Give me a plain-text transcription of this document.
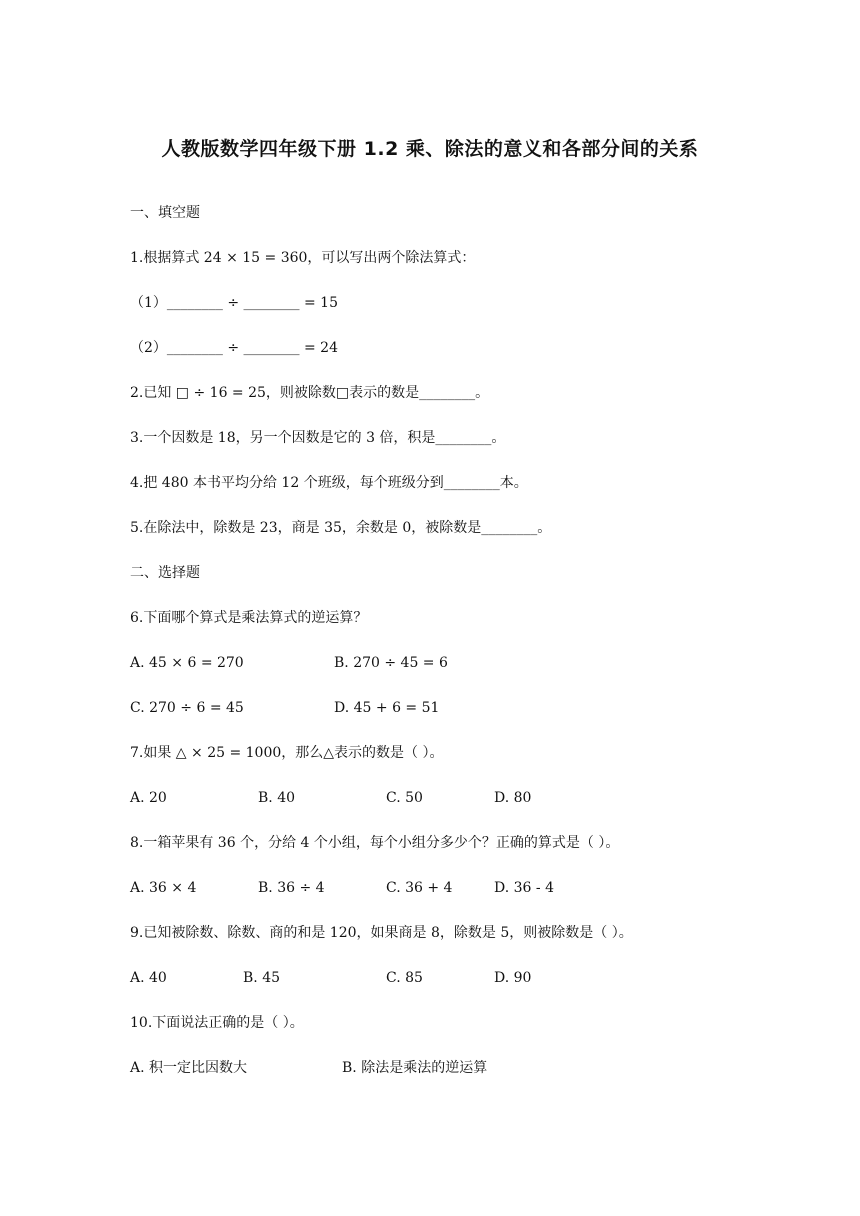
人教版数学四年级下册 1.2 乘、除法的意义和各部分间的关系
一、填空题
1.根据算式 24 × 15 = 360，可以写出两个除法算式：
（1）________ ÷ ________ = 15
（2）________ ÷ ________ = 24
2.已知 □ ÷ 16 = 25，则被除数□表示的数是________。
3.一个因数是 18，另一个因数是它的 3 倍，积是________。
4.把 480 本书平均分给 12 个班级，每个班级分到________本。
5.在除法中，除数是 23，商是 35，余数是 0，被除数是________。
二、选择题
6.下面哪个算式是乘法算式的逆运算？
A. 45 × 6 = 270	B. 270 ÷ 45 = 6
C. 270 ÷ 6 = 45	D. 45 + 6 = 51
7.如果 △ × 25 = 1000，那么△表示的数是（ ）。
A. 20	B. 40	C. 50	D. 80
8.一箱苹果有 36 个，分给 4 个小组，每个小组分多少个？正确的算式是（ ）。
A. 36 × 4	B. 36 ÷ 4	C. 36 + 4	D. 36 - 4
9.已知被除数、除数、商的和是 120，如果商是 8，除数是 5，则被除数是（ ）。
A. 40	B. 45	C. 85	D. 90
10.下面说法正确的是（ ）。
A. 积一定比因数大	B. 除法是乘法的逆运算
